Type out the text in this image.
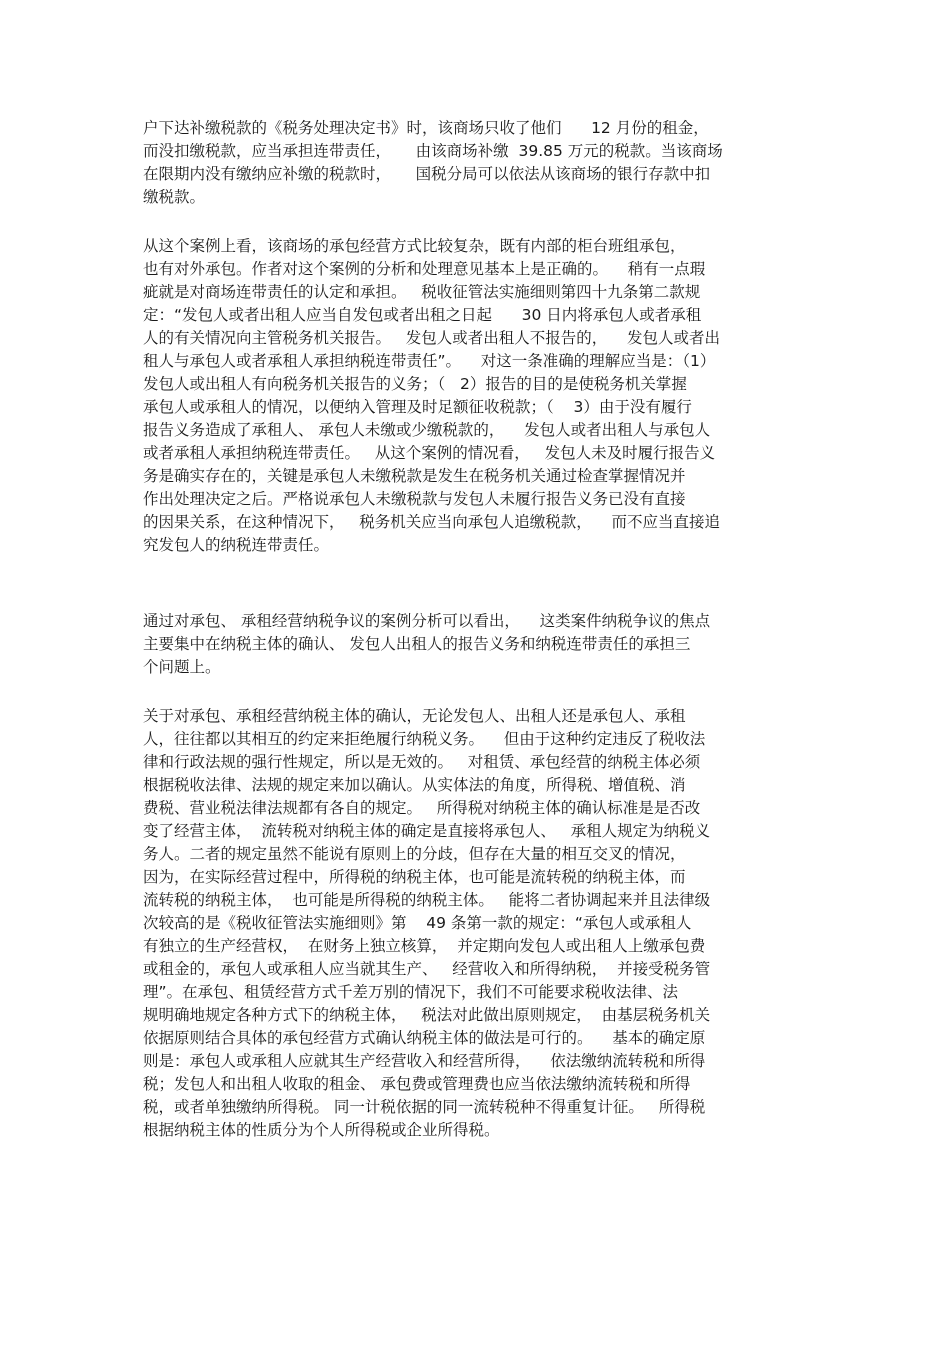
户下达补缴税款的《税务处理决定书》时，该商场只收了他们      12 月份的租金，
而没扣缴税款，应当承担连带责任，     由该商场补缴  39.85 万元的税款。当该商场
在限期内没有缴纳应补缴的税款时，     国税分局可以依法从该商场的银行存款中扣
缴税款。
从这个案例上看，该商场的承包经营方式比较复杂，既有内部的柜台班组承包，
也有对外承包。作者对这个案例的分析和处理意见基本上是正确的。    稍有一点瑕
疵就是对商场连带责任的认定和承担。   税收征管法实施细则第四十九条第二款规
定：“发包人或者出租人应当自发包或者出租之日起      30 日内将承包人或者承租
人的有关情况向主管税务机关报告。   发包人或者出租人不报告的，    发包人或者出
租人与承包人或者承租人承担纳税连带责任”。    对这一条准确的理解应当是：（1）
发包人或出租人有向税务机关报告的义务；（   2）报告的目的是使税务机关掌握
承包人或承租人的情况，以便纳入管理及时足额征收税款；（    3）由于没有履行
报告义务造成了承租人、 承包人未缴或少缴税款的，    发包人或者出租人与承包人
或者承租人承担纳税连带责任。   从这个案例的情况看，   发包人未及时履行报告义
务是确实存在的，关键是承包人未缴税款是发生在税务机关通过检查掌握情况并
作出处理决定之后。严格说承包人未缴税款与发包人未履行报告义务已没有直接
的因果关系，在这种情况下，   税务机关应当向承包人追缴税款，    而不应当直接追
究发包人的纳税连带责任。
通过对承包、 承租经营纳税争议的案例分析可以看出，    这类案件纳税争议的焦点
主要集中在纳税主体的确认、 发包人出租人的报告义务和纳税连带责任的承担三
个问题上。
关于对承包、承租经营纳税主体的确认，无论发包人、出租人还是承包人、承租
人，往往都以其相互的约定来拒绝履行纳税义务。    但由于这种约定违反了税收法
律和行政法规的强行性规定，所以是无效的。   对租赁、承包经营的纳税主体必须
根据税收法律、法规的规定来加以确认。从实体法的角度，所得税、增值税、消
费税、营业税法律法规都有各自的规定。   所得税对纳税主体的确认标准是是否改
变了经营主体，  流转税对纳税主体的确定是直接将承包人、   承租人规定为纳税义
务人。二者的规定虽然不能说有原则上的分歧，但存在大量的相互交叉的情况，
因为，在实际经营过程中，所得税的纳税主体，也可能是流转税的纳税主体，而
流转税的纳税主体，  也可能是所得税的纳税主体。   能将二者协调起来并且法律级
次较高的是《税收征管法实施细则》第    49 条第一款的规定：“承包人或承租人
有独立的生产经营权，  在财务上独立核算，  并定期向发包人或出租人上缴承包费
或租金的，承包人或承租人应当就其生产、   经营收入和所得纳税，  并接受税务管
理”。在承包、租赁经营方式千差万别的情况下，我们不可能要求税收法律、法
规明确地规定各种方式下的纳税主体，   税法对此做出原则规定，  由基层税务机关
依据原则结合具体的承包经营方式确认纳税主体的做法是可行的。    基本的确定原
则是：承包人或承租人应就其生产经营收入和经营所得，    依法缴纳流转税和所得
税；发包人和出租人收取的租金、 承包费或管理费也应当依法缴纳流转税和所得
税，或者单独缴纳所得税。 同一计税依据的同一流转税种不得重复计征。   所得税
根据纳税主体的性质分为个人所得税或企业所得税。
